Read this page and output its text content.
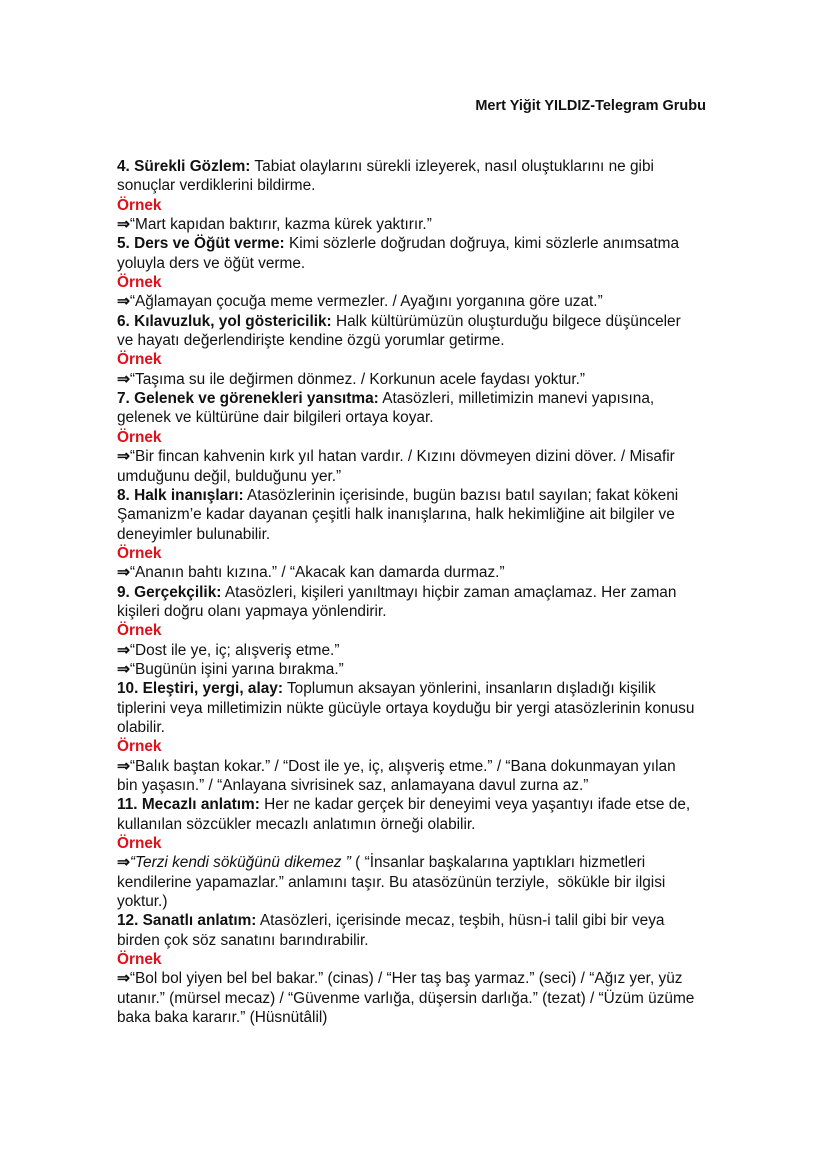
Mert Yiğit YILDIZ-Telegram Grubu
4. Sürekli Gözlem: Tabiat olaylarını sürekli izleyerek, nasıl oluştuklarını ne gibi
sonuçlar verdiklerini bildirme.
Örnek
⇒“Mart kapıdan baktırır, kazma kürek yaktırır.”
5. Ders ve Öğüt verme: Kimi sözlerle doğrudan doğruya, kimi sözlerle anımsatma
yoluyla ders ve öğüt verme.
Örnek
⇒“Ağlamayan çocuğa meme vermezler. / Ayağını yorganına göre uzat.”
6. Kılavuzluk, yol göstericilik: Halk kültürümüzün oluşturduğu bilgece düşünceler
ve hayatı değerlendirişte kendine özgü yorumlar getirme.
Örnek
⇒“Taşıma su ile değirmen dönmez. / Korkunun acele faydası yoktur.”
7. Gelenek ve görenekleri yansıtma: Atasözleri, milletimizin manevi yapısına,
gelenek ve kültürüne dair bilgileri ortaya koyar.
Örnek
⇒“Bir fincan kahvenin kırk yıl hatan vardır. / Kızını dövmeyen dizini döver. / Misafir
umduğunu değil, bulduğunu yer.”
8. Halk inanışları: Atasözlerinin içerisinde, bugün bazısı batıl sayılan; fakat kökeni
Şamanizm’e kadar dayanan çeşitli halk inanışlarına, halk hekimliğine ait bilgiler ve
deneyimler bulunabilir.
Örnek
⇒“Ananın bahtı kızına.” / “Akacak kan damarda durmaz.”
9. Gerçekçilik: Atasözleri, kişileri yanıltmayı hiçbir zaman amaçlamaz. Her zaman
kişileri doğru olanı yapmaya yönlendirir.
Örnek
⇒“Dost ile ye, iç; alışveriş etme.”
⇒“Bugünün işini yarına bırakma.”
10. Eleştiri, yergi, alay: Toplumun aksayan yönlerini, insanların dışladığı kişilik
tiplerini veya milletimizin nükte gücüyle ortaya koyduğu bir yergi atasözlerinin konusu
olabilir.
Örnek
⇒“Balık baştan kokar.” / “Dost ile ye, iç, alışveriş etme.” / “Bana dokunmayan yılan
bin yaşasın.” / “Anlayana sivrisinek saz, anlamayana davul zurna az.”
11. Mecazlı anlatım: Her ne kadar gerçek bir deneyimi veya yaşantıyı ifade etse de,
kullanılan sözcükler mecazlı anlatımın örneği olabilir.
Örnek
⇒“Terzi kendi söküğünü dikemez ” ( “İnsanlar başkalarına yaptıkları hizmetleri
kendilerine yapamazlar.” anlamını taşır. Bu atasözünün terziyle,  sökükle bir ilgisi
yoktur.)
12. Sanatlı anlatım: Atasözleri, içerisinde mecaz, teşbih, hüsn-i talil gibi bir veya
birden çok söz sanatını barındırabilir.
Örnek
⇒“Bol bol yiyen bel bel bakar.” (cinas) / “Her taş baş yarmaz.” (seci) / “Ağız yer, yüz
utanır.” (mürsel mecaz) / “Güvenme varlığa, düşersin darlığa.” (tezat) / “Üzüm üzüme
baka baka kararır.” (Hüsnütâlil)
